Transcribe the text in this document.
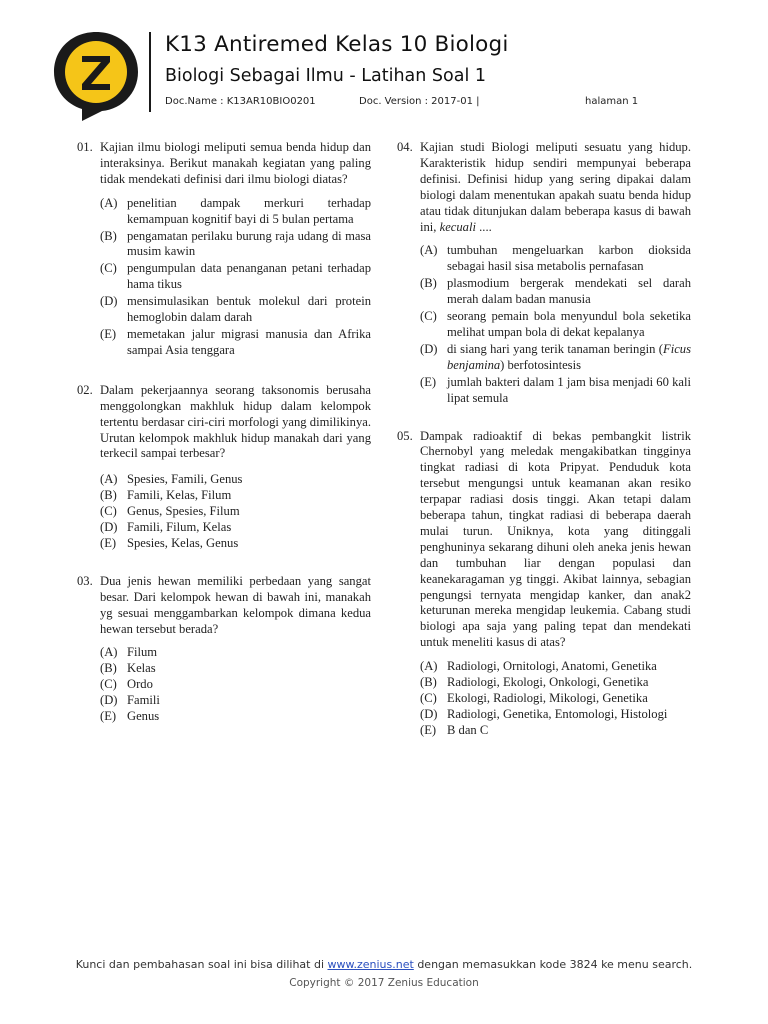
K13 Antiremed Kelas 10 Biologi
Biologi Sebagai Ilmu - Latihan Soal 1
Doc.Name : K13AR10BIO0201	Doc. Version : 2017-01 |	halaman 1
01. Kajian ilmu biologi meliputi semua benda hidup dan interaksinya. Berikut manakah kegiatan yang paling tidak mendekati definisi dari ilmu biologi diatas?
(A) penelitian dampak merkuri terhadap kemampuan kognitif bayi di 5 bulan pertama
(B) pengamatan perilaku burung raja udang di masa musim kawin
(C) pengumpulan data penanganan petani terhadap hama tikus
(D) mensimulasikan bentuk molekul dari protein hemoglobin dalam darah
(E) memetakan jalur migrasi manusia dan Afrika sampai Asia tenggara
02. Dalam pekerjaannya seorang taksonomis berusaha menggolongkan makhluk hidup dalam kelompok tertentu berdasar ciri-ciri morfologi yang dimilikinya. Urutan kelompok makhluk hidup manakah dari yang terkecil sampai terbesar?
(A) Spesies, Famili, Genus
(B) Famili, Kelas, Filum
(C) Genus, Spesies, Filum
(D) Famili, Filum, Kelas
(E) Spesies, Kelas, Genus
03. Dua jenis hewan memiliki perbedaan yang sangat besar. Dari kelompok hewan di bawah ini, manakah yg sesuai menggambarkan kelompok dimana kedua hewan tersebut berada?
(A) Filum
(B) Kelas
(C) Ordo
(D) Famili
(E) Genus
04. Kajian studi Biologi meliputi sesuatu yang hidup. Karakteristik hidup sendiri mempunyai beberapa definisi. Definisi hidup yang sering dipakai dalam biologi dalam menentukan apakah suatu benda hidup atau tidak ditunjukan dalam beberapa kasus di bawah ini, kecuali ....
(A) tumbuhan mengeluarkan karbon dioksida sebagai hasil sisa metabolis pernafasan
(B) plasmodium bergerak mendekati sel darah merah dalam badan manusia
(C) seorang pemain bola menyundul bola seketika melihat umpan bola di dekat kepalanya
(D) di siang hari yang terik tanaman beringin (Ficus benjamina) berfotosintesis
(E) jumlah bakteri dalam 1 jam bisa menjadi 60 kali lipat semula
05. Dampak radioaktif di bekas pembangkit listrik Chernobyl yang meledak mengakibatkan tingginya tingkat radiasi di kota Pripyat. Penduduk kota tersebut mengungsi untuk keamanan akan resiko terpapar radiasi dosis tinggi. Akan tetapi dalam beberapa tahun, tingkat radiasi di beberapa daerah mulai turun. Uniknya, kota yang ditinggali penghuninya sekarang dihuni oleh aneka jenis hewan dan tumbuhan liar dengan populasi dan keanekaragaman yg tinggi. Akibat lainnya, sebagian pengungsi ternyata mengidap kanker, dan anak2 keturunan mereka mengidap leukemia. Cabang studi biologi apa saja yang paling tepat dan mendekati untuk meneliti kasus di atas?
(A) Radiologi, Ornitologi, Anatomi, Genetika
(B) Radiologi, Ekologi, Onkologi, Genetika
(C) Ekologi, Radiologi, Mikologi, Genetika
(D) Radiologi, Genetika, Entomologi, Histologi
(E) B dan C
Kunci dan pembahasan soal ini bisa dilihat di www.zenius.net dengan memasukkan kode 3824 ke menu search.
Copyright © 2017 Zenius Education
